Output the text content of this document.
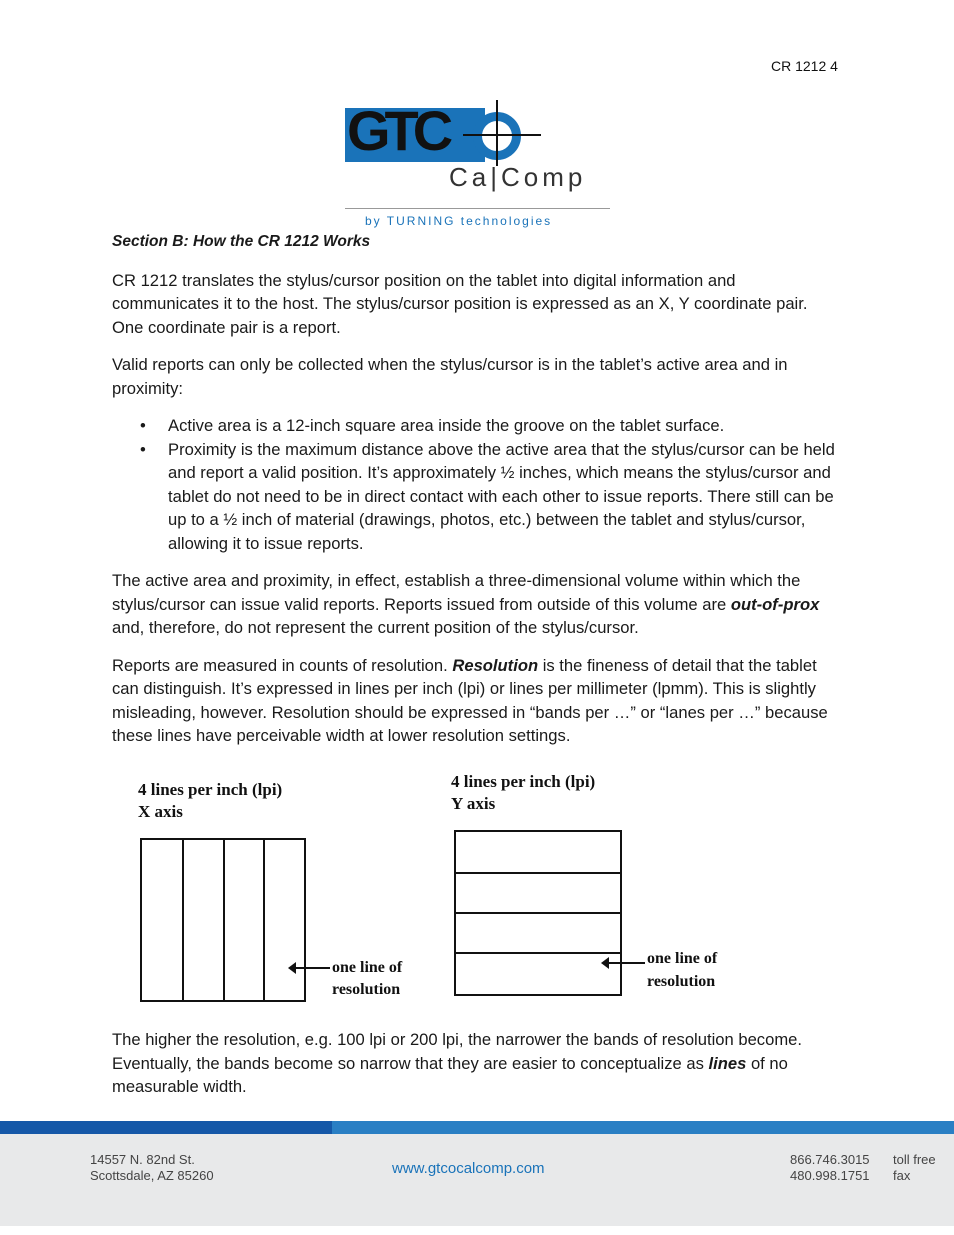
CR 1212 4
GTC
Ca|Comp
by TURNING technologies
Section B: How the CR 1212 Works

CR 1212 translates the stylus/cursor position on the tablet into digital information and communicates it to the host. The stylus/cursor position is expressed as an X, Y coordinate pair. One coordinate pair is a report.

Valid reports can only be collected when the stylus/cursor is in the tablet’s active area and in proximity:

• Active area is a 12-inch square area inside the groove on the tablet surface.
• Proximity is the maximum distance above the active area that the stylus/cursor can be held and report a valid position. It’s approximately ½ inches, which means the stylus/cursor and tablet do not need to be in direct contact with each other to issue reports. There still can be up to a ½ inch of material (drawings, photos, etc.) between the tablet and stylus/cursor, allowing it to issue reports.

The active area and proximity, in effect, establish a three-dimensional volume within which the stylus/cursor can issue valid reports. Reports issued from outside of this volume are out-of-prox and, therefore, do not represent the current position of the stylus/cursor.

Reports are measured in counts of resolution. Resolution is the fineness of detail that the tablet can distinguish. It’s expressed in lines per inch (lpi) or lines per millimeter (lpmm). This is slightly misleading, however. Resolution should be expressed in “bands per …” or “lanes per …” because these lines have perceivable width at lower resolution settings.

4 lines per inch (lpi)
X axis
one line of
resolution
4 lines per inch (lpi)
Y axis
one line of
resolution

The higher the resolution, e.g. 100 lpi or 200 lpi, the narrower the bands of resolution become. Eventually, the bands become so narrow that they are easier to conceptualize as lines of no measurable width.

14557 N. 82nd St.
Scottsdale, AZ 85260	www.gtcocalcomp.com
866.746.3015
480.998.1751
toll free
fax
